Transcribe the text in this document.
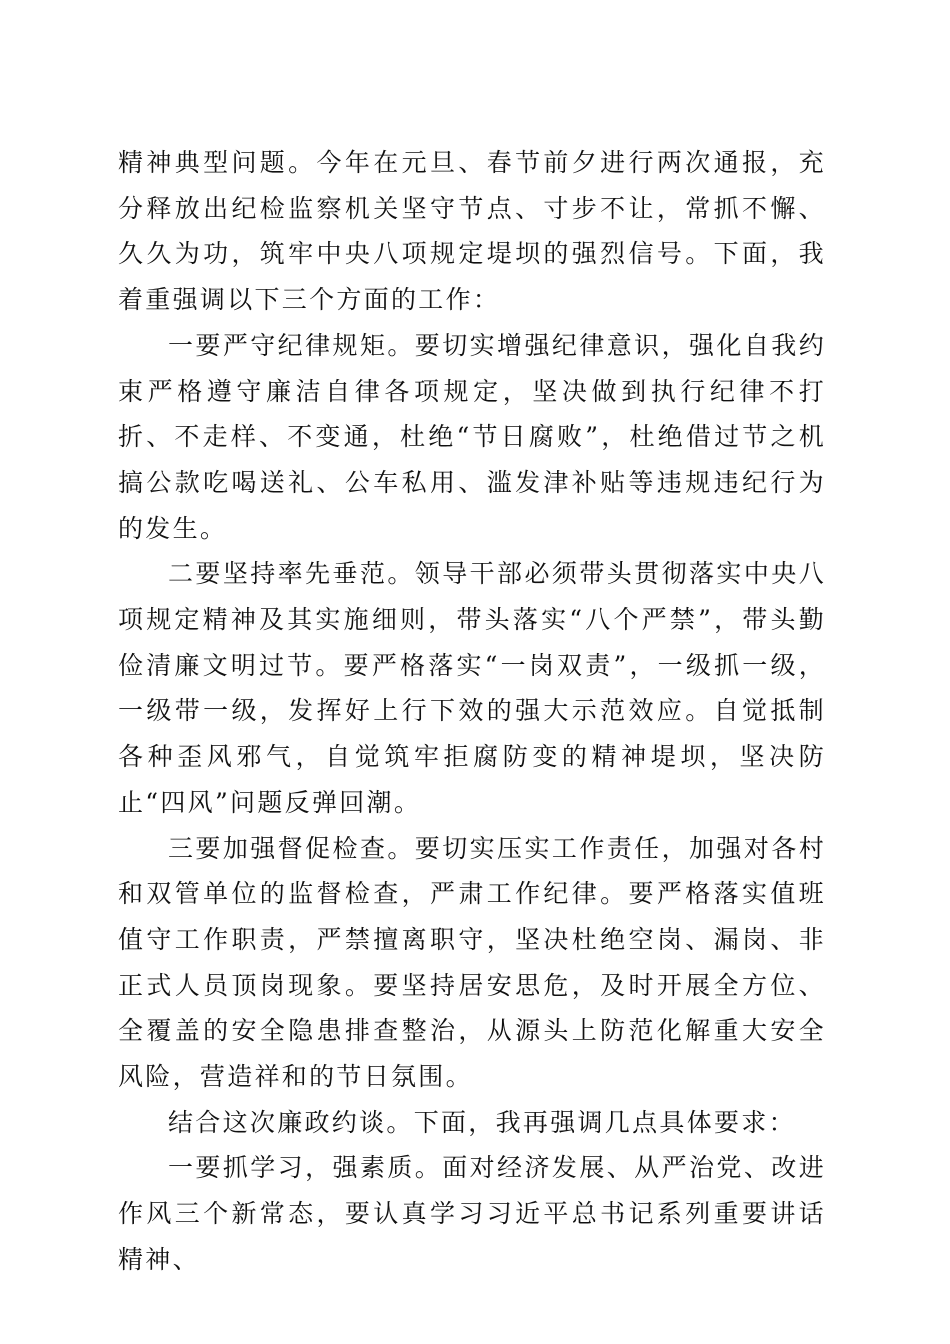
精神典型问题。今年在元旦、春节前夕进行两次通报，充分释放出纪检监察机关坚守节点、寸步不让，常抓不懈、久久为功，筑牢中央八项规定堤坝的强烈信号。下面，我着重强调以下三个方面的工作：

一要严守纪律规矩。要切实增强纪律意识，强化自我约束严格遵守廉洁自律各项规定，坚决做到执行纪律不打折、不走样、不变通，杜绝“节日腐败”，杜绝借过节之机搞公款吃喝送礼、公车私用、滥发津补贴等违规违纪行为的发生。

二要坚持率先垂范。领导干部必须带头贯彻落实中央八项规定精神及其实施细则，带头落实“八个严禁”，带头勤俭清廉文明过节。要严格落实“一岗双责”，一级抓一级，一级带一级，发挥好上行下效的强大示范效应。自觉抵制各种歪风邪气，自觉筑牢拒腐防变的精神堤坝，坚决防止“四风”问题反弹回潮。

三要加强督促检查。要切实压实工作责任，加强对各村和双管单位的监督检查，严肃工作纪律。要严格落实值班值守工作职责，严禁擅离职守，坚决杜绝空岗、漏岗、非正式人员顶岗现象。要坚持居安思危，及时开展全方位、全覆盖的安全隐患排查整治，从源头上防范化解重大安全风险，营造祥和的节日氛围。

结合这次廉政约谈。下面，我再强调几点具体要求：

一要抓学习，强素质。面对经济发展、从严治党、改进作风三个新常态，要认真学习习近平总书记系列重要讲话精神、
